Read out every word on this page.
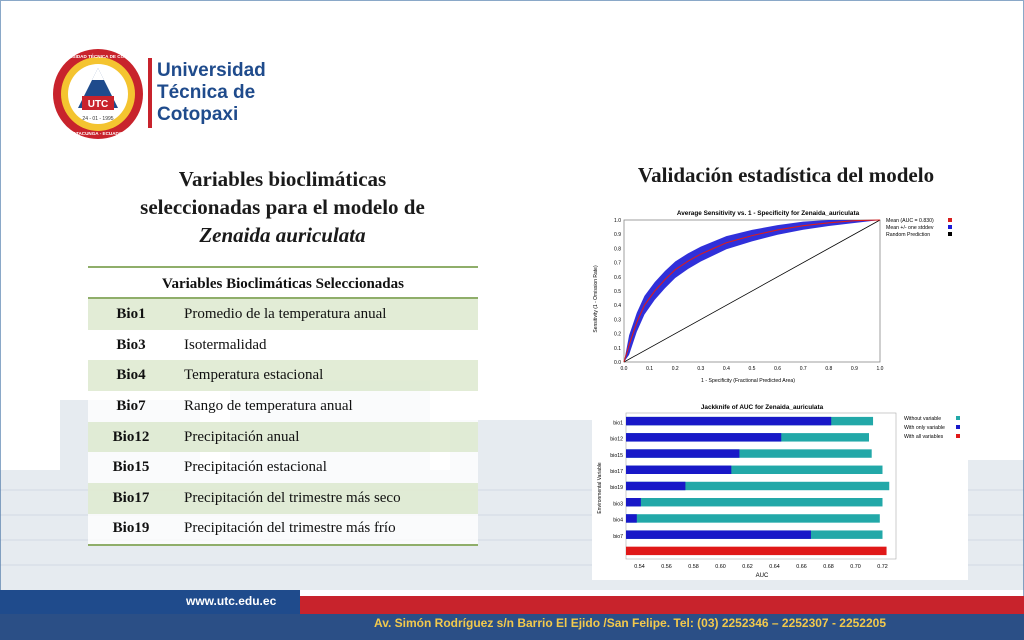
UTC
24 - 01 - 1995
UNIVERSIDAD TÉCNICA DE COTOPAXI
LATACUNGA - ECUADOR
Universidad
Técnica de
Cotopaxi
Variables bioclimáticas
seleccionadas para el modelo de
Zenaida auriculata
Validación estadística del modelo
Variables Bioclimáticas Seleccionadas
Bio1	Promedio de la temperatura anual
Bio3	Isotermalidad
Bio4	Temperatura estacional
Bio7	Rango de temperatura anual
Bio12	Precipitación anual
Bio15	Precipitación estacional
Bio17	Precipitación del trimestre más seco
Bio19	Precipitación del trimestre más frío
Average Sensitivity vs. 1 - Specificity for Zenaida_auriculata
1 - Specificity (Fractional Predicted Area)
Sensitivity (1 - Omission Rate)
0.0	0.1	0.2	0.3	0.4	0.5	0.6	0.7	0.8	0.9	1.0
0.0
0.1
0.2
0.3
0.4
0.5
0.6
0.7
0.8
0.9
1.0	Mean (AUC = 0.830)
Mean +/- one stddev
Random Prediction
Jackknife of AUC for Zenaida_auriculata
AUC
Environmental Variable
bio1
bio12
bio15
bio17
bio19
bio3
bio4
bio7
0.54	0.56	0.58	0.60	0.62	0.64	0.66	0.68	0.70	0.72
Without variable
With only variable
With all variables
www.utc.edu.ec
Av. Simón Rodríguez s/n Barrio El Ejido /San Felipe. Tel: (03) 2252346 – 2252307 - 2252205
